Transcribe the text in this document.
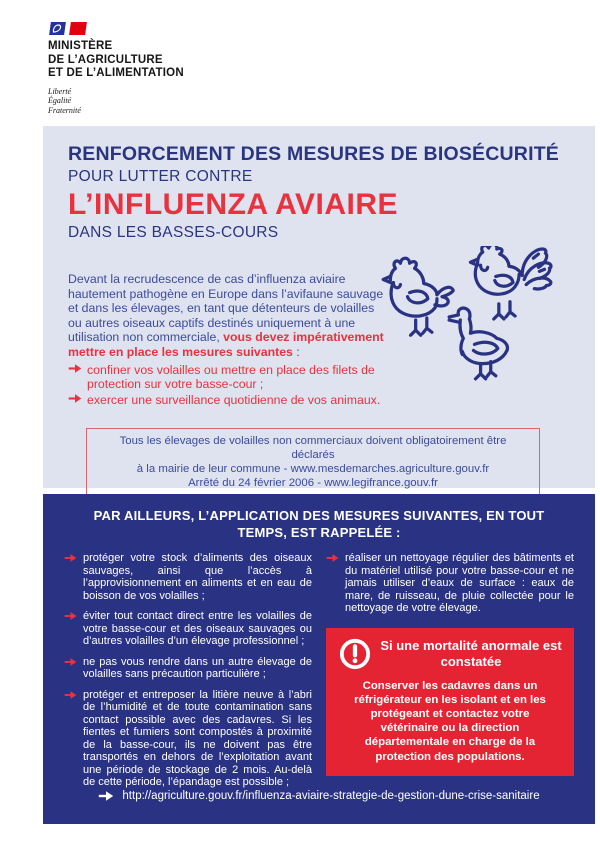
MINISTÈRE
DE L’AGRICULTURE
ET DE L’ALIMENTATION
Liberté
Égalité
Fraternité
RENFORCEMENT DES MESURES DE BIOSÉCURITÉ
POUR LUTTER CONTRE
L’INFLUENZA AVIAIRE
DANS LES BASSES-COURS
Devant la recrudescence de cas d’influenza aviaire hautement pathogène en Europe dans l’avifaune sauvage et dans les élevages, en tant que détenteurs de volailles ou autres oiseaux captifs destinés uniquement à une utilisation non commerciale, vous devez impérativement mettre en place les mesures suivantes :

confiner vos volailles ou mettre en place des filets de protection sur votre basse-cour ;

exercer une surveillance quotidienne de vos animaux.

Tous les élevages de volailles non commerciaux doivent obligatoirement être déclarés
à la mairie de leur commune - www.mesdemarches.agriculture.gouv.fr
Arrêté du 24 février 2006 - www.legifrance.gouv.fr
PAR AILLEURS, L’APPLICATION DES MESURES SUIVANTES, EN TOUT TEMPS, EST RAPPELÉE :

protéger votre stock d’aliments des oiseaux sauvages, ainsi que l’accès à l’approvisionnement en aliments et en eau de boisson de vos volailles ;

éviter tout contact direct entre les volailles de votre basse-cour et des oiseaux sauvages ou d’autres volailles d’un élevage professionnel ;

ne pas vous rendre dans un autre élevage de volailles sans précaution particulière ;

protéger et entreposer la litière neuve à l’abri de l’humidité et de toute contamination sans contact possible avec des cadavres. Si les fientes et fumiers sont compostés à proximité de la basse-cour, ils ne doivent pas être transportés en dehors de l’exploitation avant une période de stockage de 2 mois. Au-delà de cette période, l’épandage est possible ;

réaliser un nettoyage régulier des bâtiments et du matériel utilisé pour votre basse-cour et ne jamais utiliser d’eaux de surface : eaux de mare, de ruisseau, de pluie collectée pour le nettoyage de votre élevage.

Si une mortalité anormale est constatée
Conserver les cadavres dans un réfrigérateur en les isolant et en les protégeant et contactez votre vétérinaire ou la direction départementale en charge de la protection des populations.
http://agriculture.gouv.fr/influenza-aviaire-strategie-de-gestion-dune-crise-sanitaire
